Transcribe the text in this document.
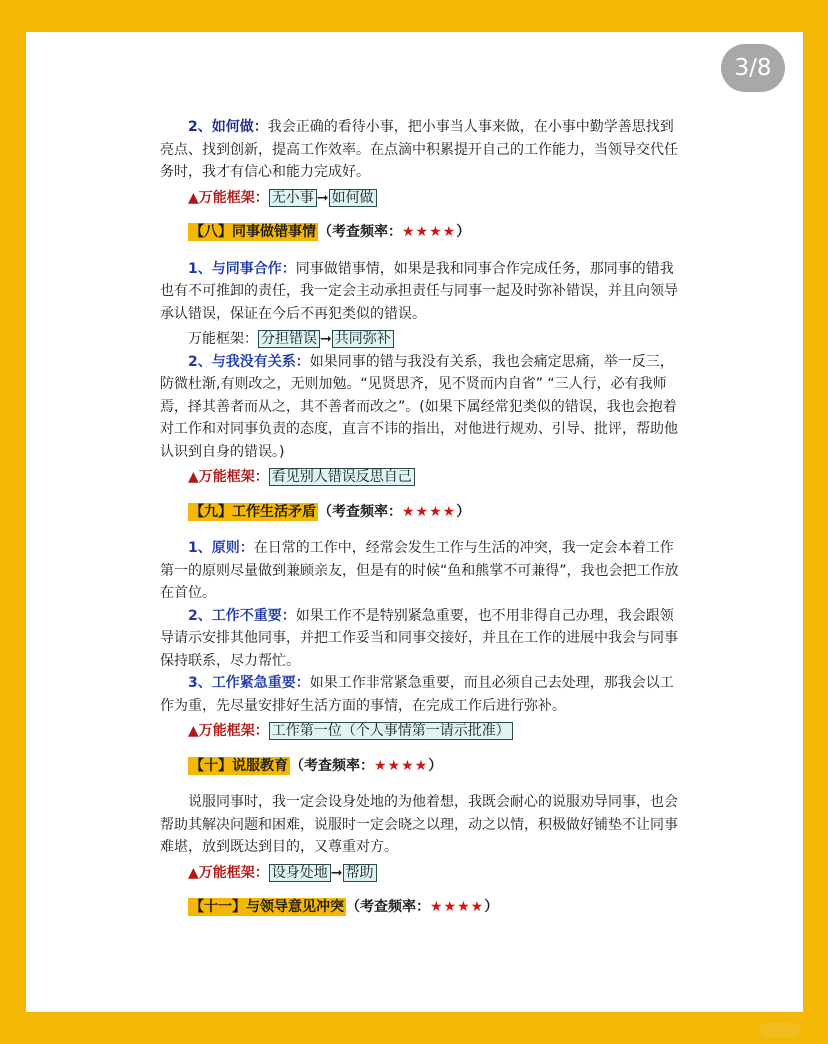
3/8

2、如何做：我会正确的看待小事，把小事当人事来做，在小事中勤学善思找到亮点、找到创新，提高工作效率。在点滴中积累提开自己的工作能力，当领导交代任务时，我才有信心和能力完成好。

▲万能框架： 无小事 ➞ 如何做

【八】同事做错事情 （考查频率：★★★★）

1、与同事合作：同事做错事情，如果是我和同事合作完成任务，那同事的错我也有不可推卸的责任，我一定会主动承担责任与同事一起及时弥补错误，并且向领导承认错误，保证在今后不再犯类似的错误。

万能框架： 分担错误 ➞ 共同弥补

2、与我没有关系：如果同事的错与我没有关系，我也会痛定思痛，举一反三，防微杜渐,有则改之，无则加勉。“见贤思齐，见不贤而内自省” “三人行，必有我师焉，择其善者而从之，其不善者而改之”。(如果下属经常犯类似的错误，我也会抱着对工作和对同事负责的态度，直言不讳的指出，对他进行规劝、引导、批评，帮助他认识到自身的错误。)

▲万能框架： 看见别人错误反思自己

【九】工作生活矛盾 （考查频率：★★★★）

1、原则：在日常的工作中，经常会发生工作与生活的冲突，我一定会本着工作第一的原则尽量做到兼顾亲友，但是有的时候“鱼和熊掌不可兼得”，我也会把工作放在首位。

2、工作不重要：如果工作不是特别紧急重要，也不用非得自己办理，我会跟领导请示安排其他同事，并把工作妥当和同事交接好，并且在工作的进展中我会与同事保持联系，尽力帮忙。

3、工作紧急重要：如果工作非常紧急重要，而且必须自己去处理，那我会以工作为重，先尽量安排好生活方面的事情，在完成工作后进行弥补。

▲万能框架： 工作第一位（个人事情第一请示批准）

【十】说服教育 （考查频率：★★★★）

说服同事时，我一定会设身处地的为他着想，我既会耐心的说服劝导同事，也会帮助其解决问题和困难，说服时一定会晓之以理，动之以情，积极做好铺垫不让同事难堪，放到既达到目的，又尊重对方。

▲万能框架： 设身处地 ➞ 帮助

【十一】与领导意见冲突 （考查频率：★★★★）
